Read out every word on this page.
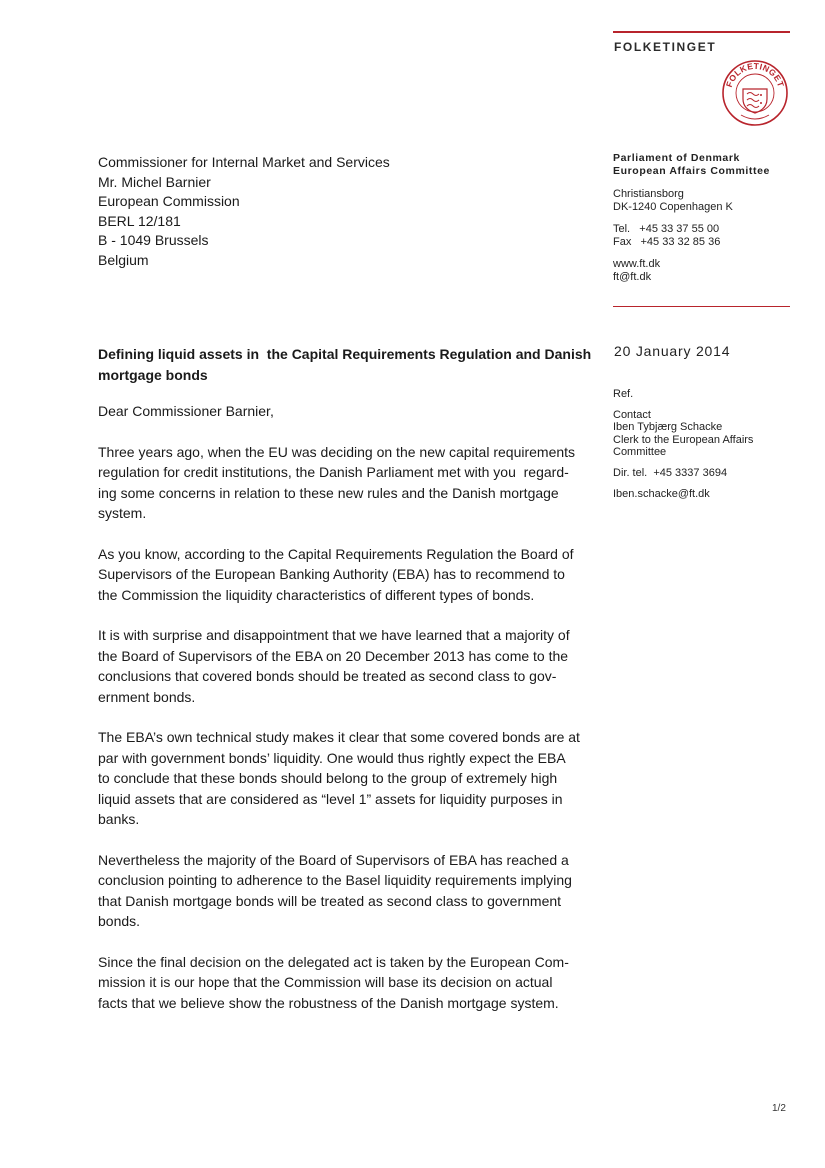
FOLKETINGET
FOLKETINGET
Parliament of Denmark
European Affairs Committee
Christiansborg
DK-1240 Copenhagen K
Tel.   +45 33 37 55 00
Fax   +45 33 32 85 36
www.ft.dk
ft@ft.dk
20 January 2014
Ref.
Contact
Iben Tybjærg Schacke
Clerk to the European Affairs
Committee
Dir. tel.  +45 3337 3694
Iben.schacke@ft.dk
Commissioner for Internal Market and Services
Mr. Michel Barnier
European Commission
BERL 12/181
B - 1049 Brussels
Belgium
Defining liquid assets in  the Capital Requirements Regulation and Danish
mortgage bonds

Dear Commissioner Barnier,

Three years ago, when the EU was deciding on the new capital requirements
regulation for credit institutions, the Danish Parliament met with you  regard-
ing some concerns in relation to these new rules and the Danish mortgage
system.

As you know, according to the Capital Requirements Regulation the Board of
Supervisors of the European Banking Authority (EBA) has to recommend to
the Commission the liquidity characteristics of different types of bonds.

It is with surprise and disappointment that we have learned that a majority of
the Board of Supervisors of the EBA on 20 December 2013 has come to the
conclusions that covered bonds should be treated as second class to gov-
ernment bonds.

The EBA’s own technical study makes it clear that some covered bonds are at
par with government bonds’ liquidity. One would thus rightly expect the EBA
to conclude that these bonds should belong to the group of extremely high
liquid assets that are considered as “level 1” assets for liquidity purposes in
banks.

Nevertheless the majority of the Board of Supervisors of EBA has reached a
conclusion pointing to adherence to the Basel liquidity requirements implying
that Danish mortgage bonds will be treated as second class to government
bonds.

Since the final decision on the delegated act is taken by the European Com-
mission it is our hope that the Commission will base its decision on actual
facts that we believe show the robustness of the Danish mortgage system.

1/2
